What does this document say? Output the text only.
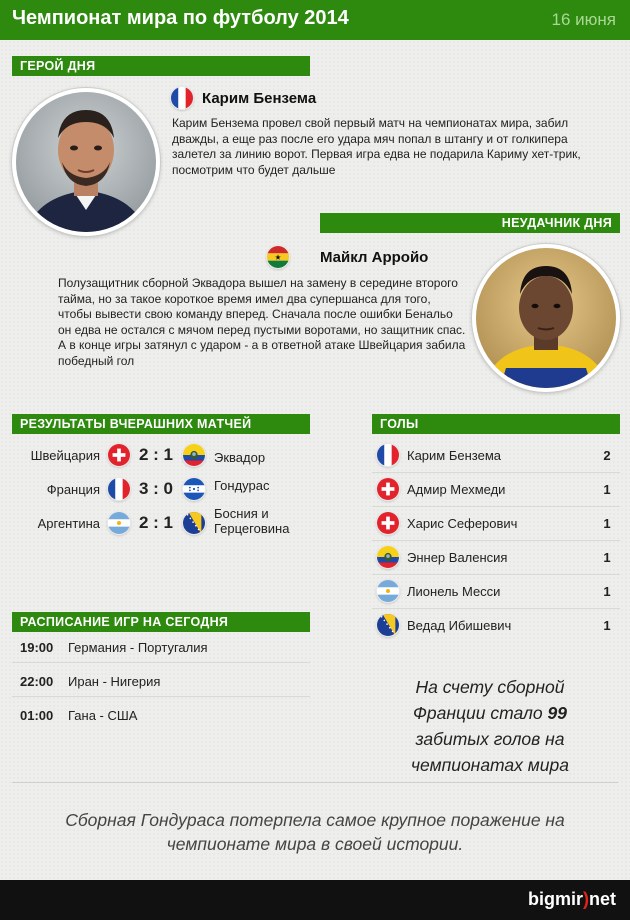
Чемпионат мира по футболу 2014	16 июня
ГЕРОЙ ДНЯ
Карим Бензема
Карим Бензема провел свой первый матч на чемпионатах мира, забил дважды, а еще раз после его удара мяч попал в штангу и от голкипера залетел за линию ворот. Первая игра едва не подарила Кариму хет-трик, посмотрим что будет дальше
НЕУДАЧНИК ДНЯ
Майкл Арройо
Полузащитник сборной Эквадора вышел на замену в середине второго тайма, но за такое короткое время имел два супершанса для того, чтобы вывести свою команду вперед. Сначала после ошибки Бенальо он едва не остался с мячом перед пустыми воротами, но защитник спас. А в конце игры затянул с ударом - а в ответной атаке Швейцария забила победный гол
РЕЗУЛЬТАТЫ ВЧЕРАШНИХ МАТЧЕЙ
Швейцария	2 : 1	Эквадор
Франция	3 : 0	Гондурас
Аргентина	2 : 1	Босния и
Герцеговина
ГОЛЫ
Карим Бензема	2
Адмир Мехмеди	1
Харис Сеферович	1
Эннер Валенсия	1
Лионель Месси	1
Ведад Ибишевич	1
РАСПИСАНИЕ ИГР НА СЕГОДНЯ
19:00 Германия - Португалия
22:00 Иран - Нигерия
01:00 Гана - США
На счету сборной Франции стало 99 забитых голов на чемпионатах мира
Сборная Гондураса потерпела самое крупное поражение на чемпионате мира в своей истории.
bigmir)net
